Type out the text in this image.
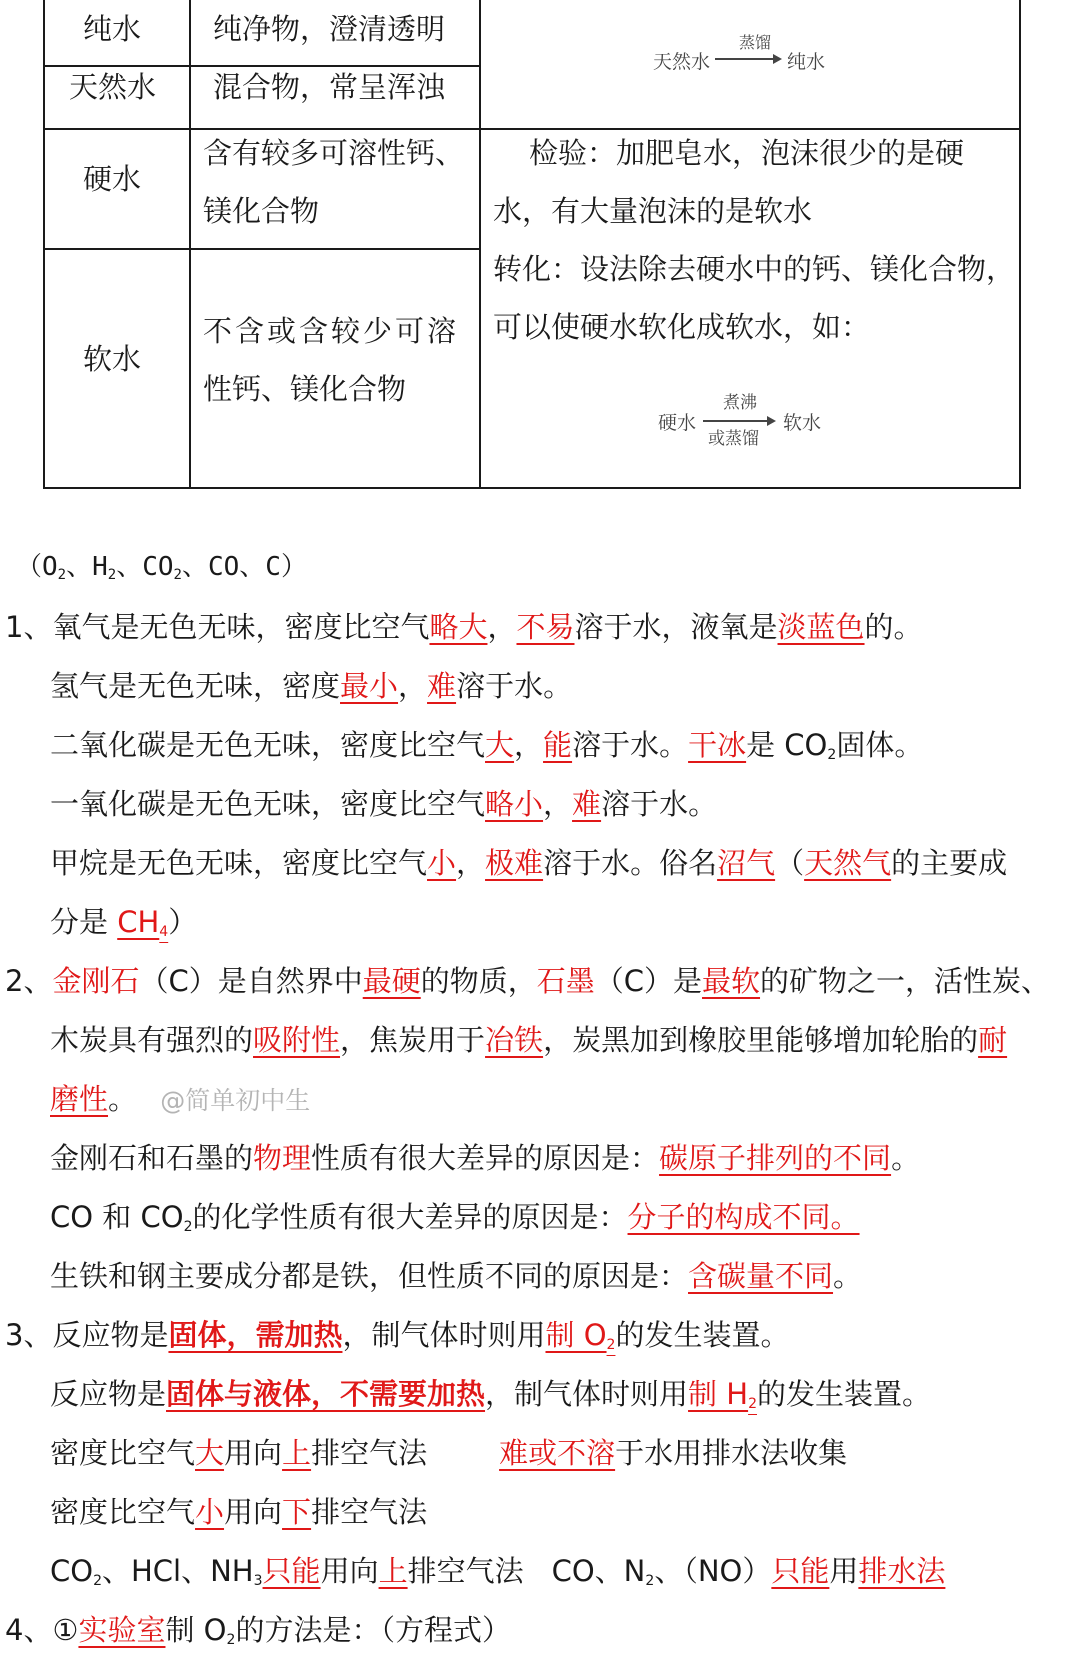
纯水
天然水
硬水
软水
纯净物，澄清透明
混合物，常呈浑浊
含有较多可溶性钙、
镁化合物
不含或含较少可溶
性钙、镁化合物
天然水
蒸馏
纯水
检验：加肥皂水，泡沫很少的是硬
水，有大量泡沫的是软水
转化：设法除去硬水中的钙、镁化合物，
可以使硬水软化成软水，如：
硬水
煮沸
或蒸馏
软水
（$O_2$、$H_2$、$CO_2$、CO、C）
1、氧气是无色无味，密度比空气略大，不易溶于水，液氧是淡蓝色的。
氢气是无色无味，密度最小，难溶于水。
二氧化碳是无色无味，密度比空气大，能溶于水。干冰是 $CO_2$固体。
一氧化碳是无色无味，密度比空气略小，难溶于水。
甲烷是无色无味，密度比空气小，极难溶于水。俗名沼气（天然气的主要成
分是 $CH_4$）
2、金刚石（C）是自然界中最硬的物质，石墨（C）是最软的矿物之一，活性炭、
木炭具有强烈的吸附性，焦炭用于冶铁，炭黑加到橡胶里能够增加轮胎的耐
磨性。 @简单初中生
金刚石和石墨的物理性质有很大差异的原因是：碳原子排列的不同。
CO 和 $CO_2$的化学性质有很大差异的原因是：分子的构成不同。
生铁和钢主要成分都是铁，但性质不同的原因是：含碳量不同。
3、反应物是固体，需加热，制气体时则用制 $O_2$的发生装置。
反应物是固体与液体，不需要加热，制气体时则用制 $H_2$的发生装置。
密度比空气大用向上排空气法 难或不溶于水用排水法收集
密度比空气小用向下排空气法
$CO_2$、HCl、$NH_3$只能用向上排空气法 CO、$N_2$、（NO）只能用排水法
4、①实验室制 $O_2$的方法是：（方程式）
